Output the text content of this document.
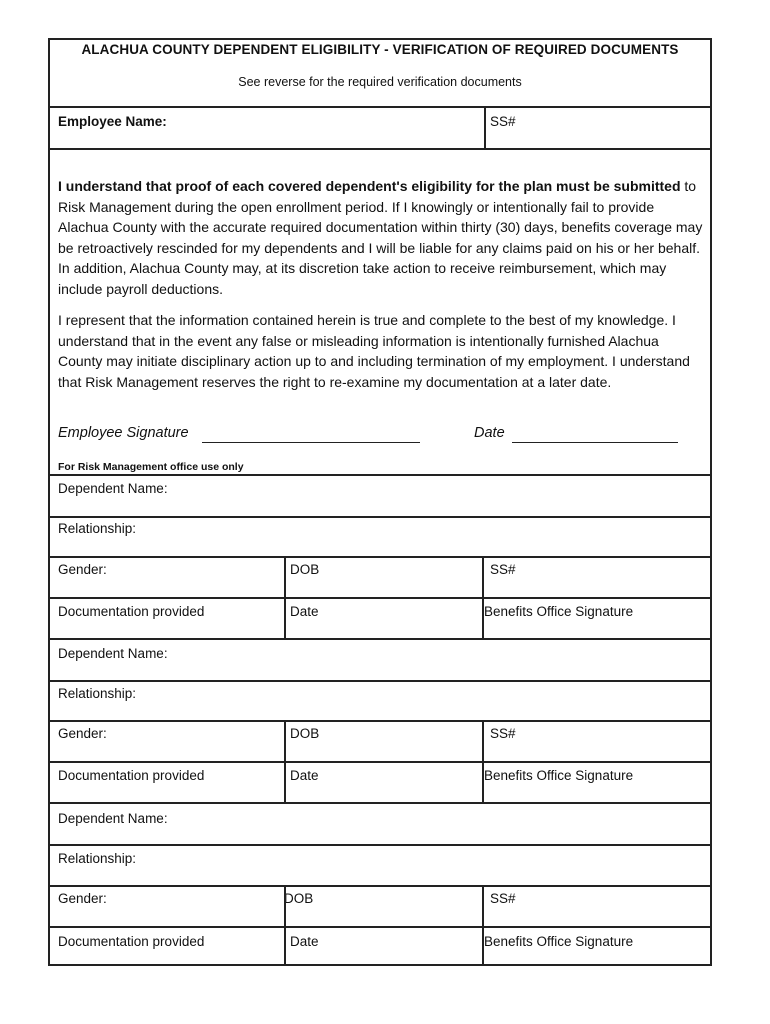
ALACHUA COUNTY DEPENDENT ELIGIBILITY - VERIFICATION OF REQUIRED DOCUMENTS
See reverse for the required verification documents
Employee Name:	SS#
I understand that proof of each covered dependent's eligibility for the plan must be submitted to Risk Management during the open enrollment period. If I knowingly or intentionally fail to provide Alachua County with the accurate required documentation within thirty (30) days, benefits coverage may be retroactively rescinded for my dependents and I will be liable for any claims paid on his or her behalf. In addition, Alachua County may, at its discretion take action to receive reimbursement, which may include payroll deductions.
I represent that the information contained herein is true and complete to the best of my knowledge. I understand that in the event any false or misleading information is intentionally furnished Alachua County may initiate disciplinary action up to and including termination of my employment. I understand that Risk Management reserves the right to re-examine my documentation at a later date.
Employee Signature	Date
For Risk Management office use only
Dependent Name:
Relationship:
Gender:	DOB	SS#
Documentation provided	Date	Benefits Office Signature
Dependent Name:
Relationship:
Gender:	DOB	SS#
Documentation provided	Date	Benefits Office Signature
Dependent Name:
Relationship:
Gender:	DOB	SS#
Documentation provided	Date	Benefits Office Signature
